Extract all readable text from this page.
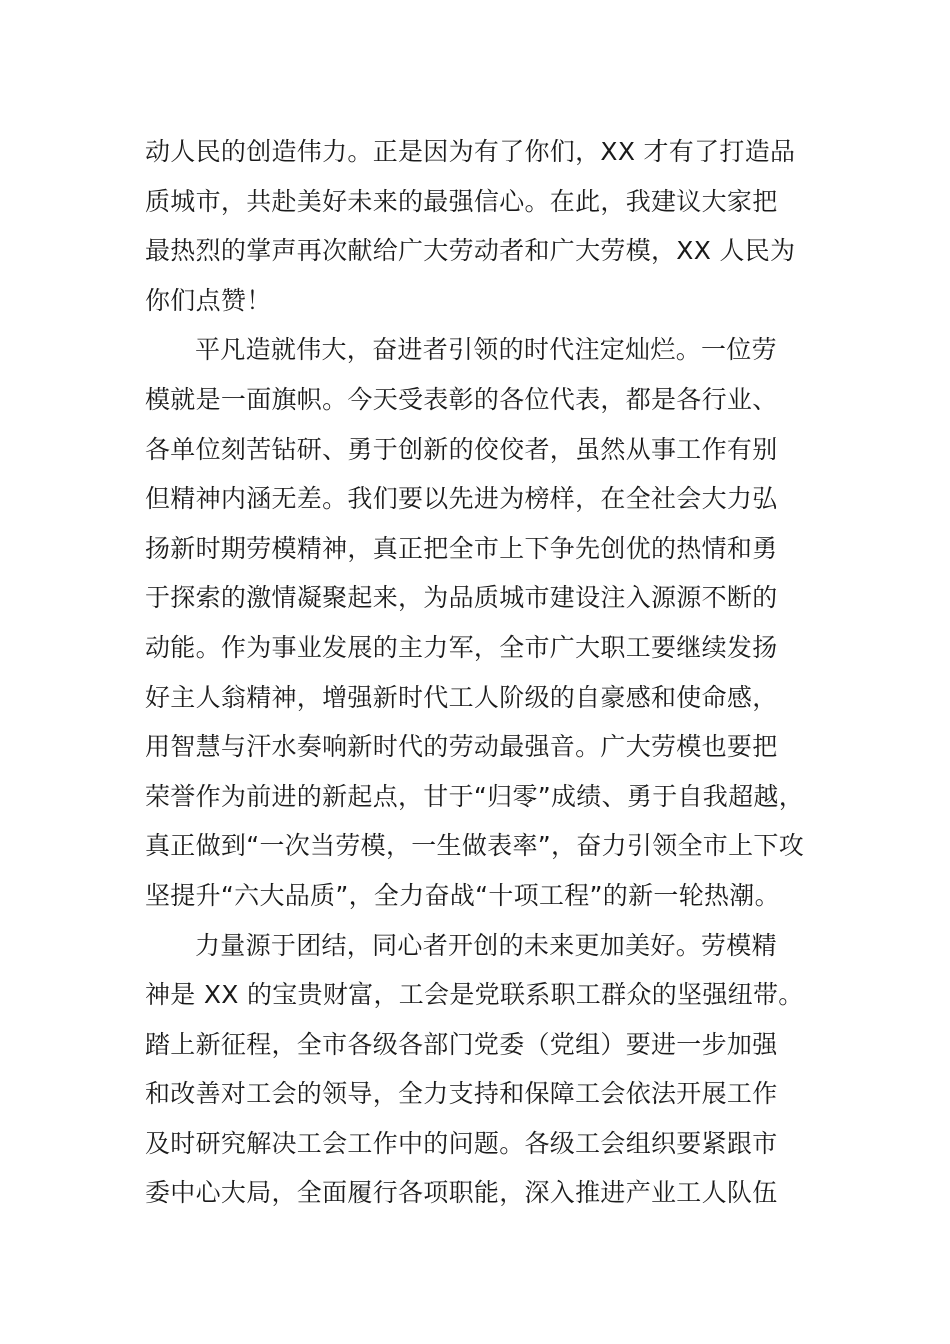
动人民的创造伟力。正是因为有了你们，XX 才有了打造品
质城市，共赴美好未来的最强信心。在此，我建议大家把
最热烈的掌声再次献给广大劳动者和广大劳模，XX 人民为
你们点赞！
平凡造就伟大，奋进者引领的时代注定灿烂。一位劳
模就是一面旗帜。今天受表彰的各位代表，都是各行业、
各单位刻苦钻研、勇于创新的佼佼者，虽然从事工作有别
但精神内涵无差。我们要以先进为榜样，在全社会大力弘
扬新时期劳模精神，真正把全市上下争先创优的热情和勇
于探索的激情凝聚起来，为品质城市建设注入源源不断的
动能。作为事业发展的主力军，全市广大职工要继续发扬
好主人翁精神，增强新时代工人阶级的自豪感和使命感，
用智慧与汗水奏响新时代的劳动最强音。广大劳模也要把
荣誉作为前进的新起点，甘于“归零”成绩、勇于自我超越，
真正做到“一次当劳模，一生做表率”，奋力引领全市上下攻
坚提升“六大品质”，全力奋战“十项工程”的新一轮热潮。
力量源于团结，同心者开创的未来更加美好。劳模精
神是 XX 的宝贵财富，工会是党联系职工群众的坚强纽带。
踏上新征程，全市各级各部门党委（党组）要进一步加强
和改善对工会的领导，全力支持和保障工会依法开展工作
及时研究解决工会工作中的问题。各级工会组织要紧跟市
委中心大局，全面履行各项职能，深入推进产业工人队伍
